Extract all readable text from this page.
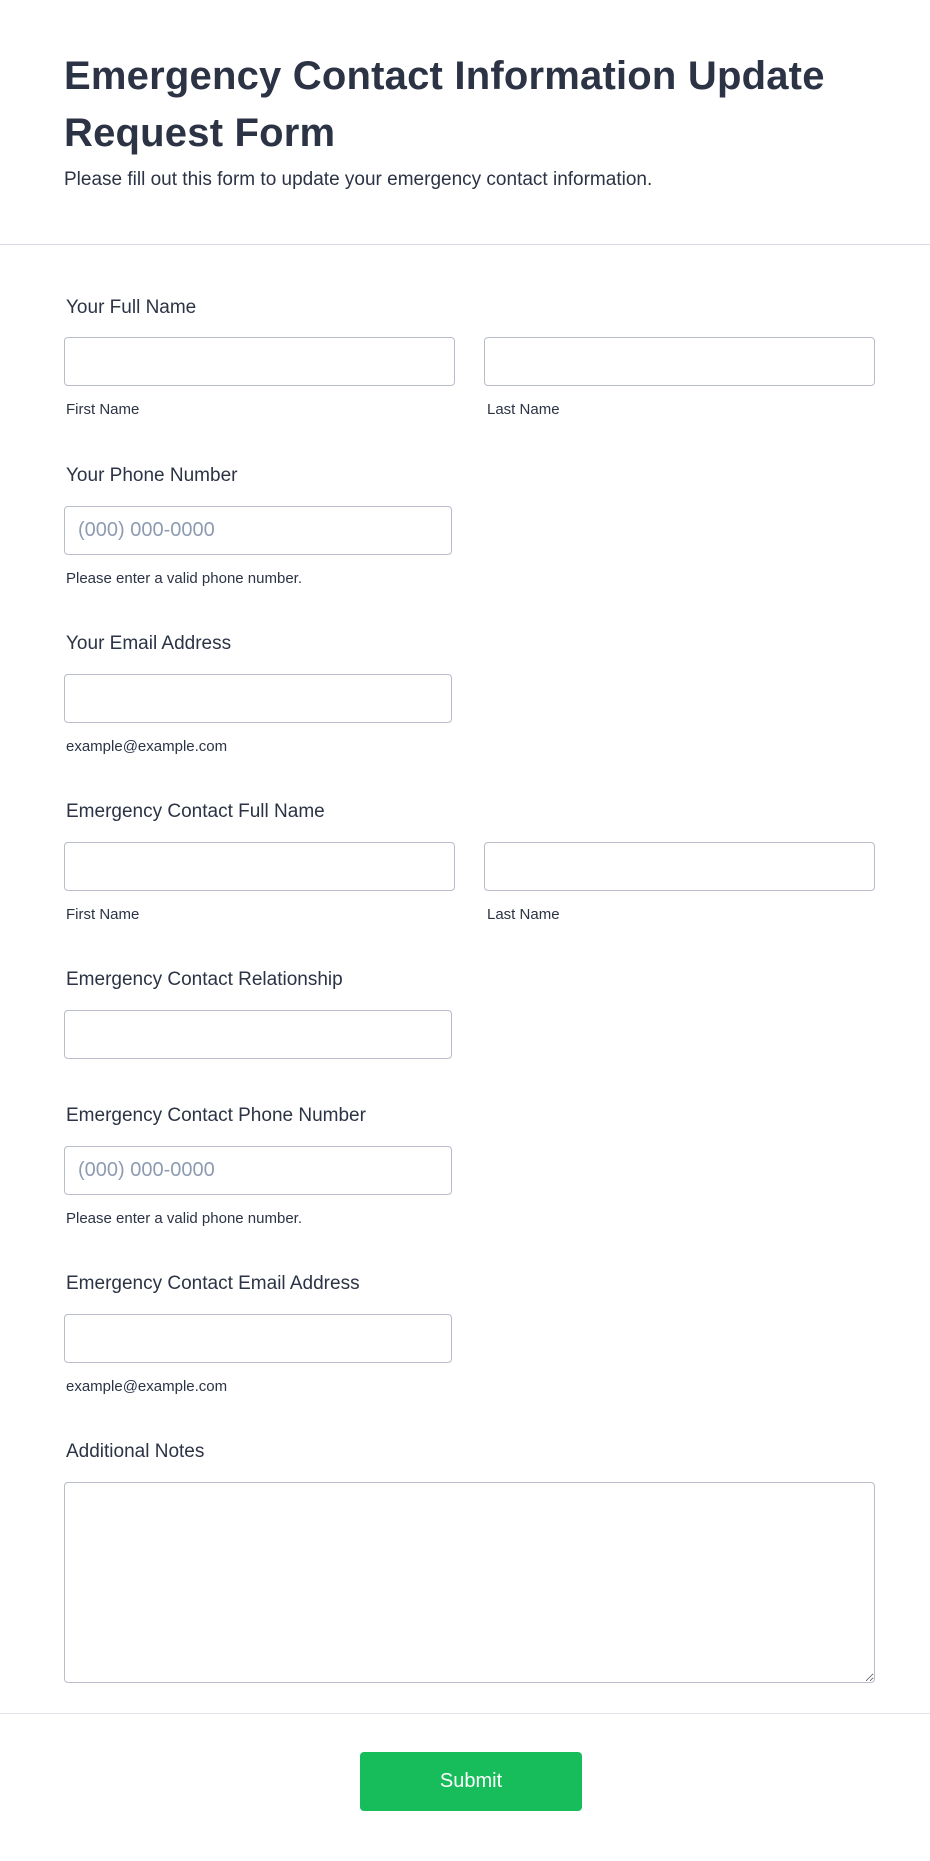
Emergency Contact Information Update Request Form

Please fill out this form to update your emergency contact information.

Your Full Name
First Name	Last Name
Your Phone Number
(000) 000-0000
Please enter a valid phone number.
Your Email Address
example@example.com
Emergency Contact Full Name
First Name	Last Name
Emergency Contact Relationship
Emergency Contact Phone Number
(000) 000-0000
Please enter a valid phone number.
Emergency Contact Email Address
example@example.com
Additional Notes
Submit
